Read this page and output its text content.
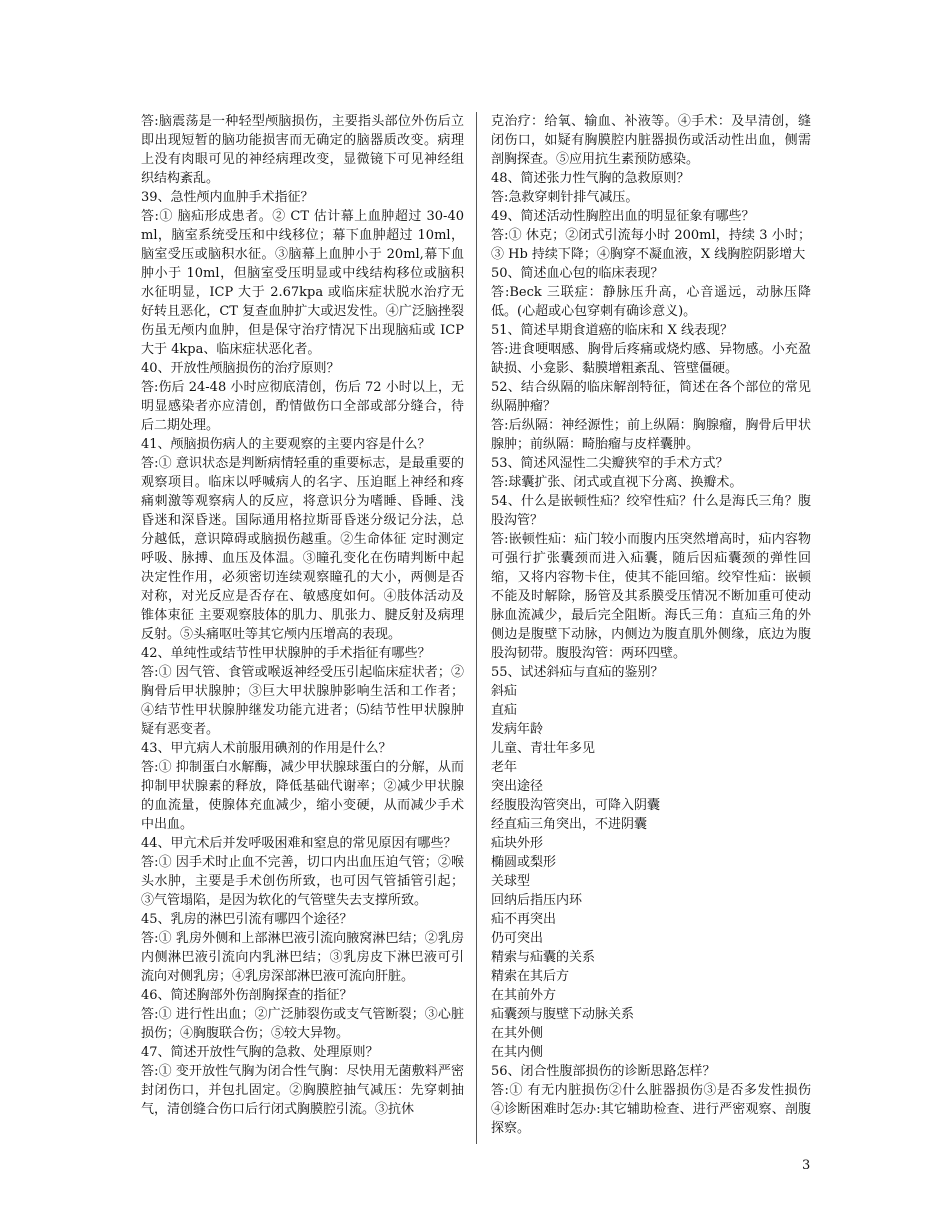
答:脑震荡是一种轻型颅脑损伤，主要指头部位外伤后立即出现短暂的脑功能损害而无确定的脑器质改变。病理上没有肉眼可见的神经病理改变，显微镜下可见神经组织结构紊乱。

39、急性颅内血肿手术指征？

答:① 脑疝形成患者。② CT 估计幕上血肿超过 30-40ml，脑室系统受压和中线移位；幕下血肿超过 10ml，脑室受压或脑积水征。③脑幕上血肿小于 20ml,幕下血肿小于 10ml，但脑室受压明显或中线结构移位或脑积水征明显，ICP 大于 2.67kpa 或临床症状脱水治疗无好转且恶化，CT 复查血肿扩大或迟发性。④广泛脑挫裂伤虽无颅内血肿，但是保守治疗情况下出现脑疝或 ICP 大于 4kpa、临床症状恶化者。

40、开放性颅脑损伤的治疗原则？

答:伤后 24-48 小时应彻底清创，伤后 72 小时以上，无明显感染者亦应清创，酌情做伤口全部或部分缝合，待后二期处理。

41、颅脑损伤病人的主要观察的主要内容是什么？

答:① 意识状态是判断病情轻重的重要标志，是最重要的观察项目。临床以呼喊病人的名字、压迫眶上神经和疼痛刺激等观察病人的反应，将意识分为嗜睡、昏睡、浅昏迷和深昏迷。国际通用格拉斯哥昏迷分级记分法，总分越低，意识障碍或脑损伤越重。②生命体征 定时测定呼吸、脉搏、血压及体温。③瞳孔变化在伤晴判断中起决定性作用，必须密切连续观察瞳孔的大小，两侧是否对称，对光反应是否存在、敏感度如何。④肢体活动及锥体束征 主要观察肢体的肌力、肌张力、腱反射及病理反射。⑤头痛呕吐等其它颅内压增高的表现。

42、单纯性或结节性甲状腺肿的手术指征有哪些？

答:① 因气管、食管或喉返神经受压引起临床症状者；②胸骨后甲状腺肿；③巨大甲状腺肿影响生活和工作者；④结节性甲状腺肿继发功能亢进者；⑸结节性甲状腺肿疑有恶变者。

43、甲亢病人术前服用碘剂的作用是什么？

答:① 抑制蛋白水解酶，减少甲状腺球蛋白的分解，从而抑制甲状腺素的释放，降低基础代谢率；②减少甲状腺的血流量，使腺体充血减少，缩小变硬，从而减少手术中出血。

44、甲亢术后并发呼吸困难和窒息的常见原因有哪些？

答:① 因手术时止血不完善，切口内出血压迫气管；②喉头水肿，主要是手术创伤所致，也可因气管插管引起；③气管塌陷，是因为软化的气管壁失去支撑所致。

45、乳房的淋巴引流有哪四个途径？

答:① 乳房外侧和上部淋巴液引流向腋窝淋巴结；②乳房内侧淋巴液引流向内乳淋巴结；③乳房皮下淋巴液可引流向对侧乳房；④乳房深部淋巴液可流向肝脏。

46、简述胸部外伤剖胸探查的指征？

答:① 进行性出血；②广泛肺裂伤或支气管断裂；③心脏损伤；④胸腹联合伤；⑤较大异物。

47、简述开放性气胸的急救、处理原则？

答:① 变开放性气胸为闭合性气胸：尽快用无菌敷料严密封闭伤口，并包扎固定。②胸膜腔抽气减压：先穿刺抽气，清创缝合伤口后行闭式胸膜腔引流。③抗休

克治疗：给氧、输血、补液等。④手术：及早清创，缝闭伤口，如疑有胸膜腔内脏器损伤或活动性出血，侧需剖胸探查。⑤应用抗生素预防感染。

48、简述张力性气胸的急救原则？

答:急救穿刺针排气减压。

49、简述活动性胸腔出血的明显征象有哪些？

答:① 休克；②闭式引流每小时 200ml，持续 3 小时；③ Hb 持续下降；④胸穿不凝血液，X 线胸腔阴影增大

50、简述血心包的临床表现？

答:Beck 三联症：静脉压升高，心音遥远，动脉压降低。(心超或心包穿刺有确诊意义)。

51、简述早期食道癌的临床和 X 线表现？

答:进食哽咽感、胸骨后疼痛或烧灼感、异物感。小充盈缺损、小龛影、黏膜增粗紊乱、管壁僵硬。

52、结合纵隔的临床解剖特征，简述在各个部位的常见纵隔肿瘤？

答:后纵隔：神经源性；前上纵隔：胸腺瘤，胸骨后甲状腺肿；前纵隔：畸胎瘤与皮样囊肿。

53、简述风湿性二尖瓣狭窄的手术方式？

答:球囊扩张、闭式或直视下分离、换瓣术。

54、什么是嵌顿性疝？绞窄性疝？什么是海氏三角？腹股沟管？

答:嵌顿性疝：疝门较小而腹内压突然增高时，疝内容物可强行扩张囊颈而进入疝囊，随后因疝囊颈的弹性回缩，又将内容物卡住，使其不能回缩。绞窄性疝：嵌顿不能及时解除，肠管及其系膜受压情况不断加重可使动脉血流减少，最后完全阻断。海氏三角：直疝三角的外侧边是腹壁下动脉，内侧边为腹直肌外侧缘，底边为腹股沟韧带。腹股沟管：两环四壁。

55、试述斜疝与直疝的鉴别？

斜疝

直疝

发病年龄

儿童、青壮年多见

老年

突出途径

经腹股沟管突出，可降入阴囊

经直疝三角突出，不进阴囊

疝块外形

椭圆或梨形

关球型

回纳后指压内环

疝不再突出

仍可突出

精索与疝囊的关系

精索在其后方

在其前外方

疝囊颈与腹壁下动脉关系

在其外侧

在其内侧

56、闭合性腹部损伤的诊断思路怎样？

答:① 有无内脏损伤②什么脏器损伤③是否多发性损伤④诊断困难时怎办:其它辅助检查、进行严密观察、剖腹探察。

3
